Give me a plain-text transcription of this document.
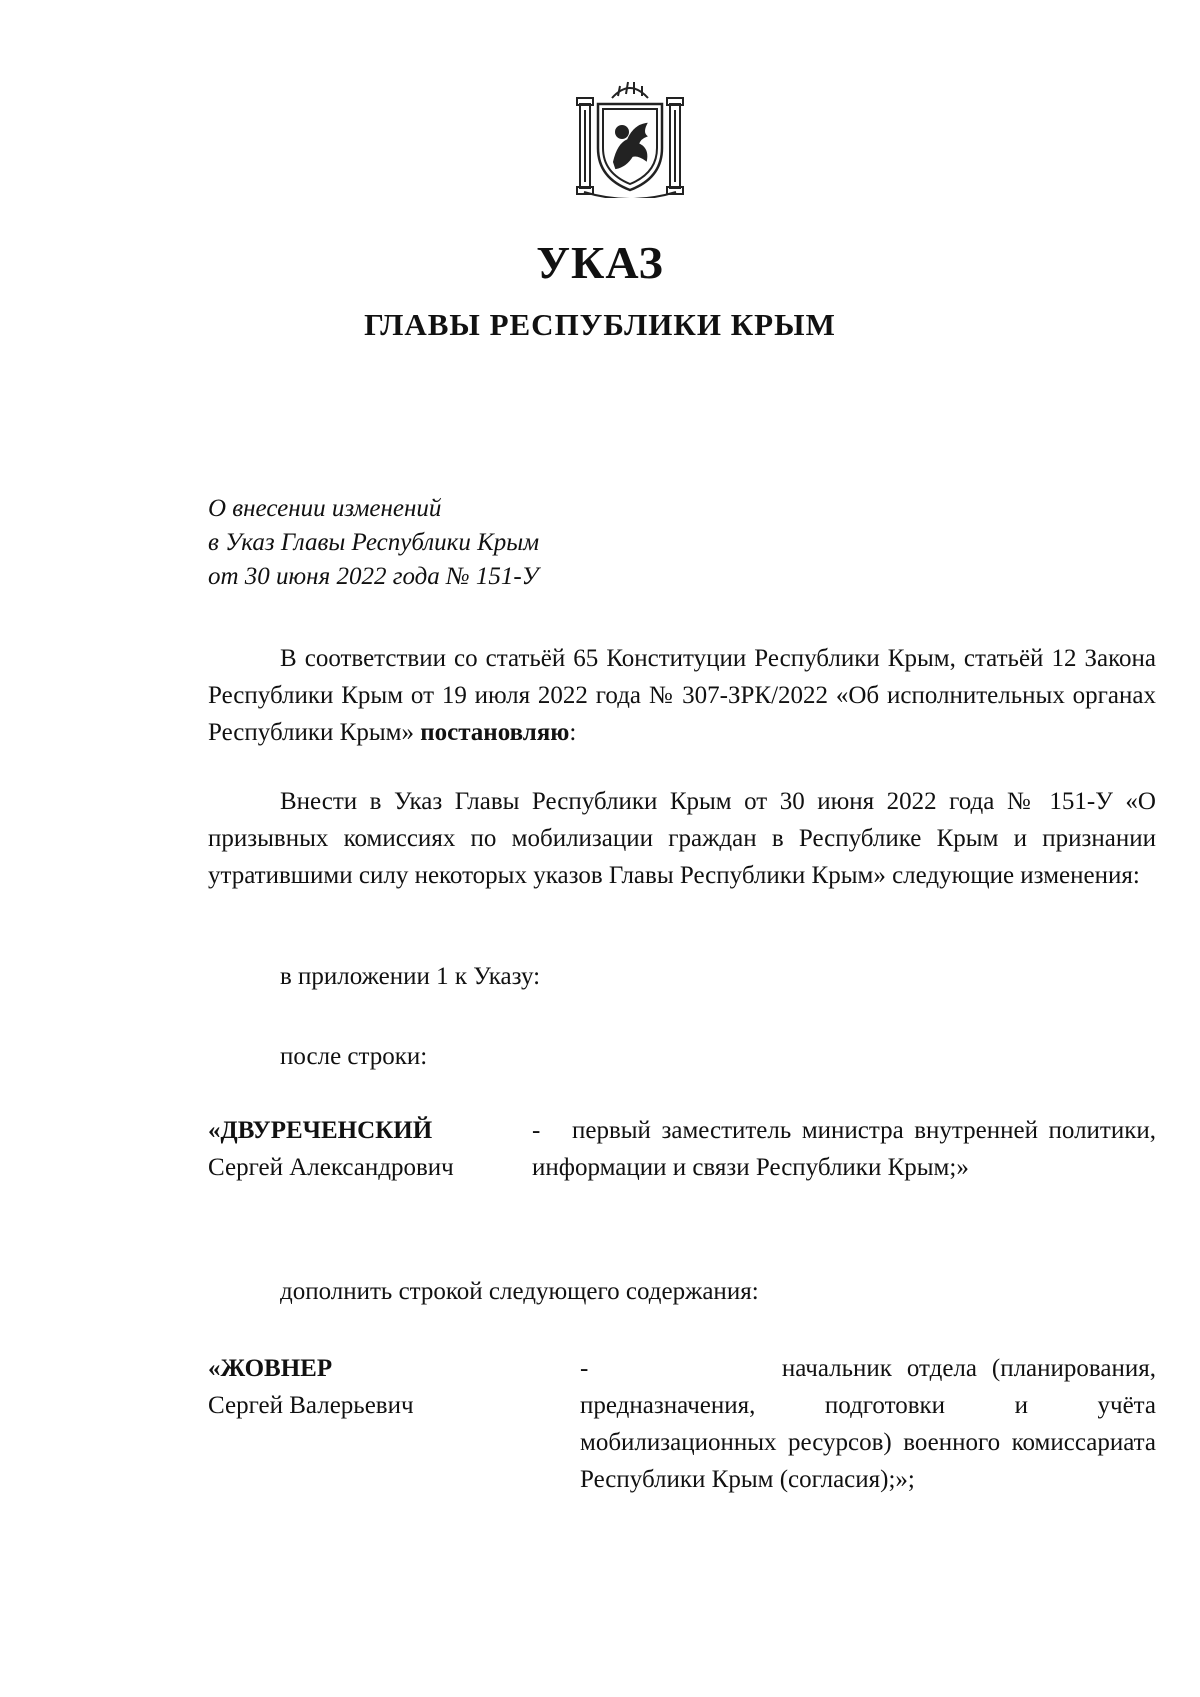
УКАЗ
ГЛАВЫ РЕСПУБЛИКИ КРЫМ
О внесении изменений
в Указ Главы Республики Крым
от 30 июня 2022 года № 151-У
В соответствии со статьёй 65 Конституции Республики Крым, статьёй 12 Закона Республики Крым от 19 июля 2022 года № 307-ЗРК/2022 «Об исполнительных органах Республики Крым» постановляю:
Внести в Указ Главы Республики Крым от 30 июня 2022 года № 151-У «О призывных комиссиях по мобилизации граждан в Республике Крым и признании утратившими силу некоторых указов Главы Республики Крым» следующие изменения:
в приложении 1 к Указу:
после строки:
«ДВУРЕЧЕНСКИЙ
Сергей Александрович
- первый заместитель министра внутренней политики, информации и связи Республики Крым;»
дополнить строкой следующего содержания:
«ЖОВНЕР
Сергей Валерьевич
-	начальник отдела (планирования, предназначения, подготовки и учёта мобилизационных ресурсов) военного комиссариата Республики Крым (согласия);»;
